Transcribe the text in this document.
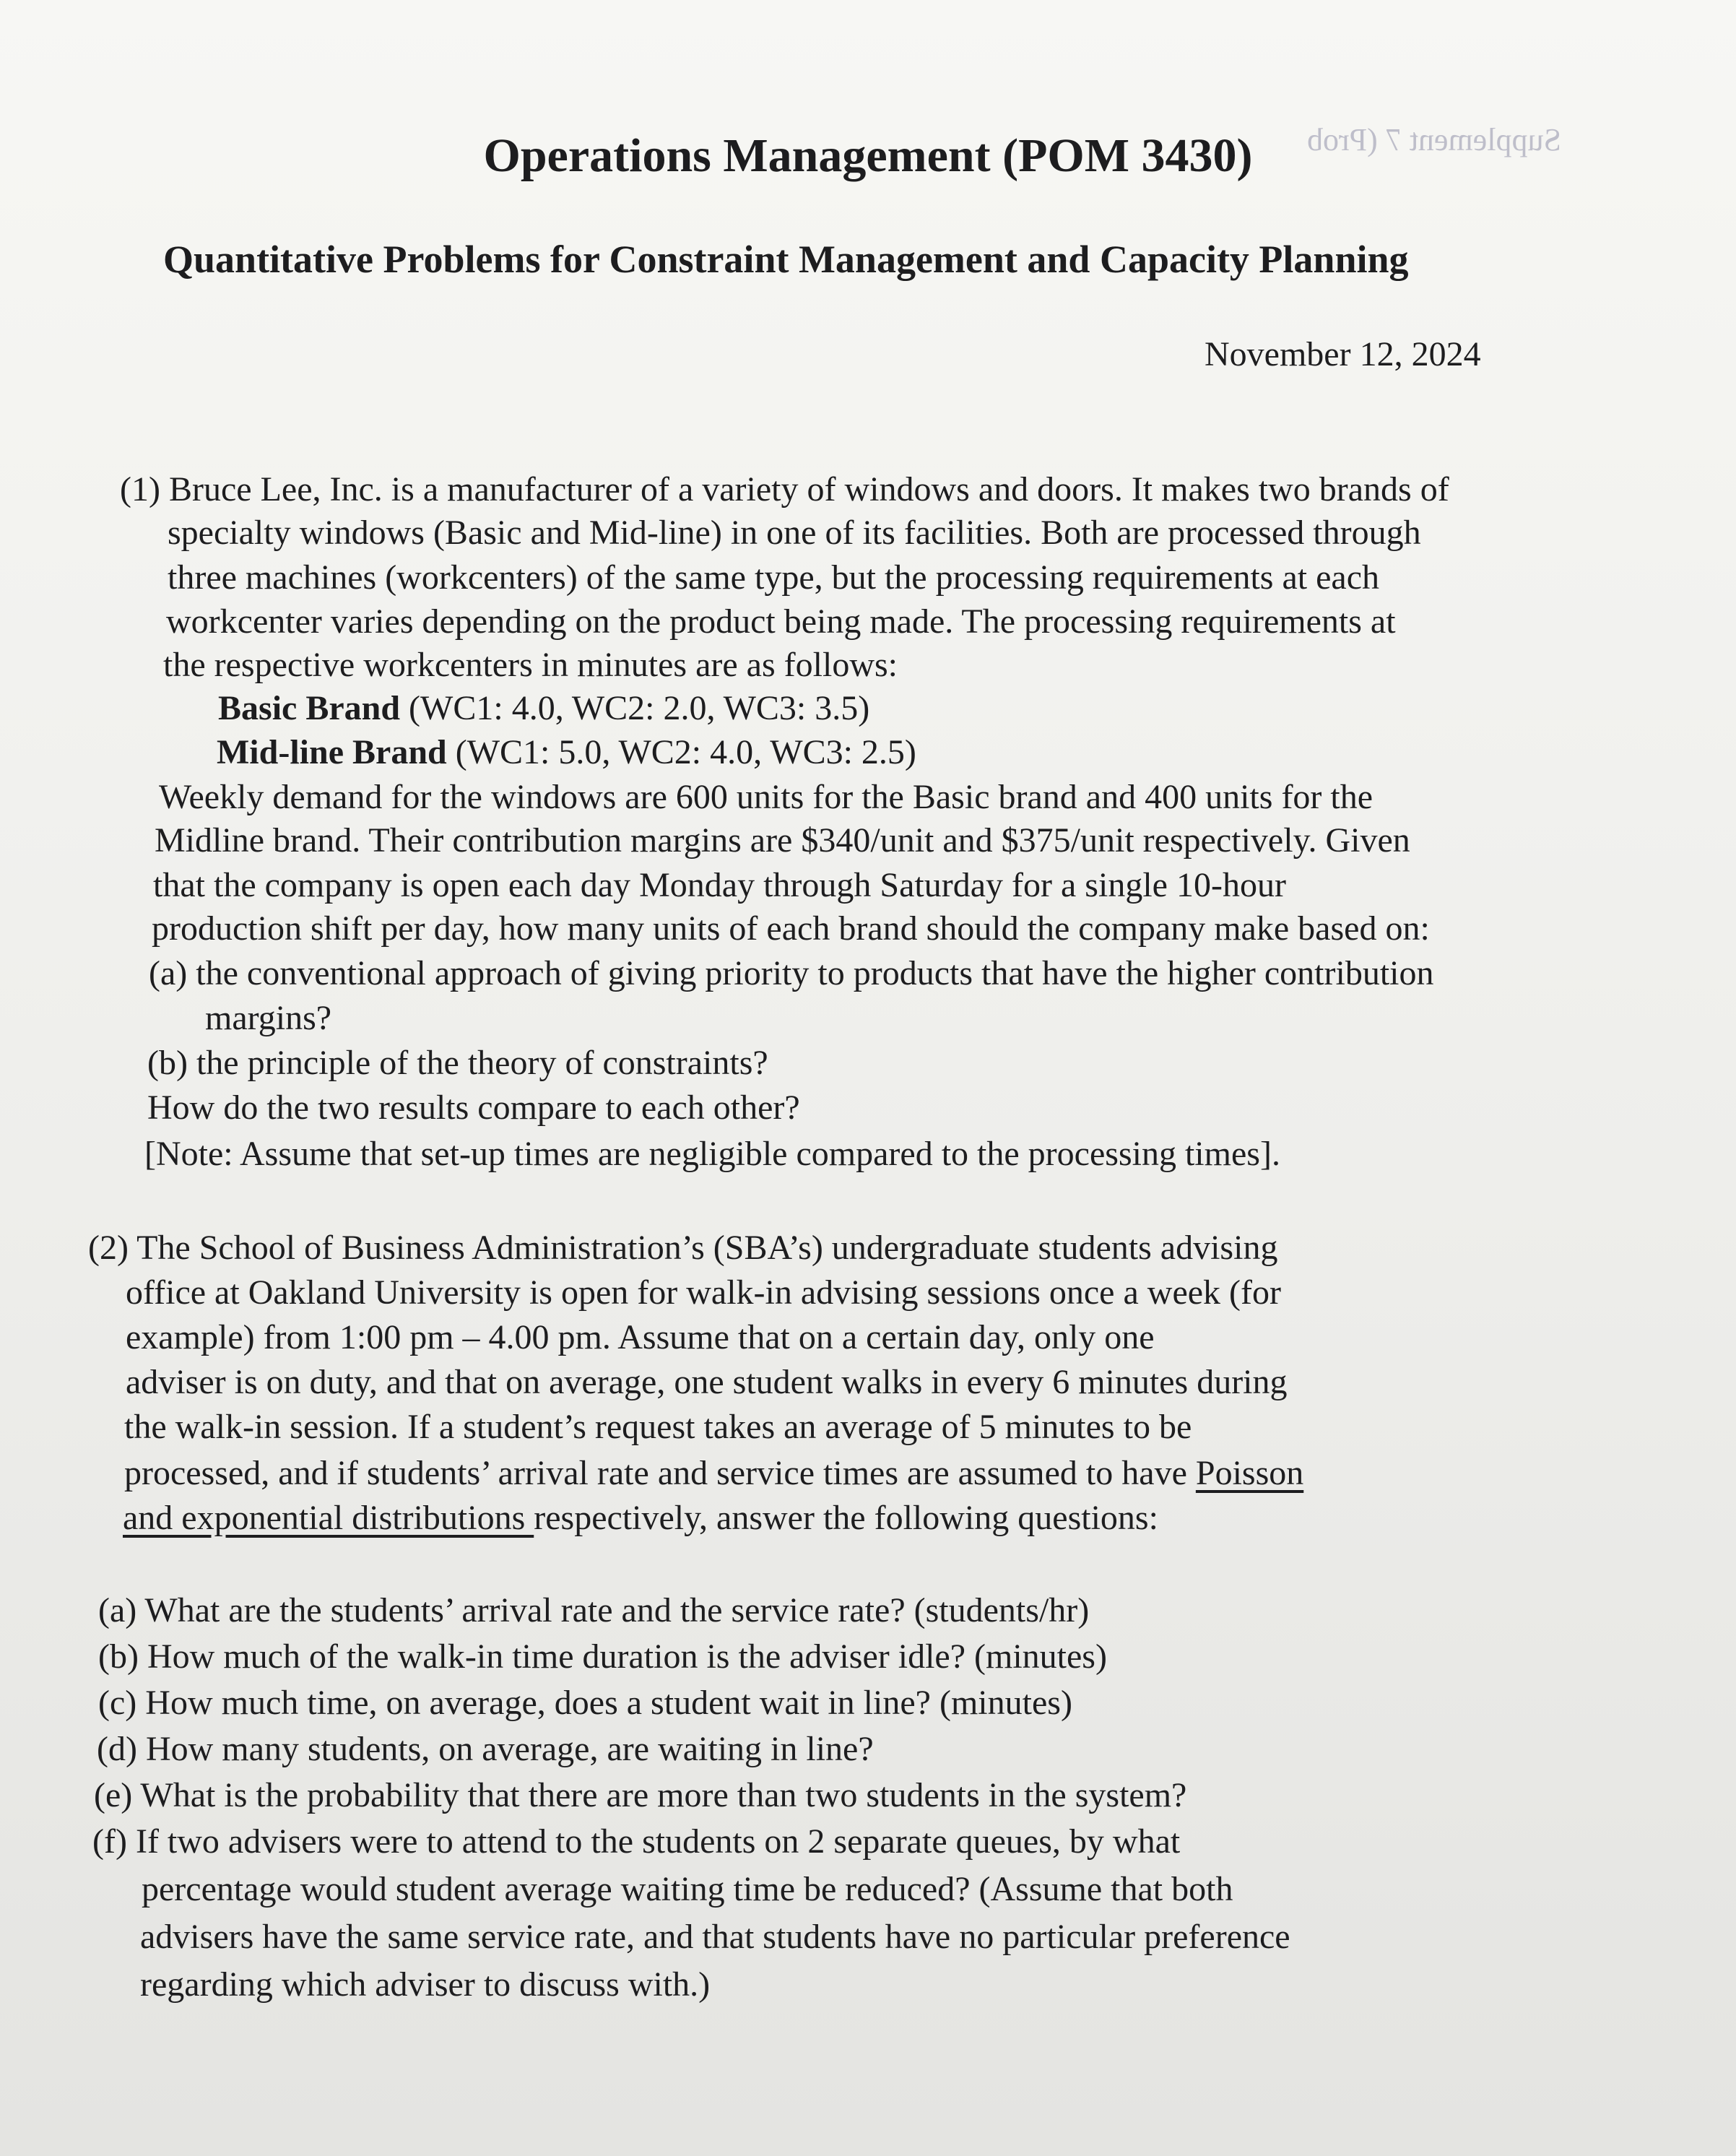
Supplement 7 (Prob
Operations Management (POM 3430)
Quantitative Problems for Constraint Management and Capacity Planning
November 12, 2024
(1) Bruce Lee, Inc. is a manufacturer of a variety of windows and doors. It makes two brands of
specialty windows (Basic and Mid-line) in one of its facilities. Both are processed through
three machines (workcenters) of the same type, but the processing requirements at each
workcenter varies depending on the product being made. The processing requirements at
the respective workcenters in minutes are as follows:
Basic Brand (WC1: 4.0, WC2: 2.0, WC3: 3.5)
Mid-line Brand (WC1: 5.0, WC2: 4.0, WC3: 2.5)
Weekly demand for the windows are 600 units for the Basic brand and 400 units for the
Midline brand. Their contribution margins are $340/unit and $375/unit respectively. Given
that the company is open each day Monday through Saturday for a single 10-hour
production shift per day, how many units of each brand should the company make based on:
(a) the conventional approach of giving priority to products that have the higher contribution
margins?
(b) the principle of the theory of constraints?
How do the two results compare to each other?
[Note: Assume that set-up times are negligible compared to the processing times].
(2) The School of Business Administration’s (SBA’s) undergraduate students advising
office at Oakland University is open for walk-in advising sessions once a week (for
example) from 1:00 pm – 4.00 pm. Assume that on a certain day, only one
adviser is on duty, and that on average, one student walks in every 6 minutes during
the walk-in session. If a student’s request takes an average of 5 minutes to be
processed, and if students’ arrival rate and service times are assumed to have Poisson
and exponential distributions respectively, answer the following questions:
(a) What are the students’ arrival rate and the service rate? (students/hr)
(b) How much of the walk-in time duration is the adviser idle? (minutes)
(c) How much time, on average, does a student wait in line? (minutes)
(d) How many students, on average, are waiting in line?
(e) What is the probability that there are more than two students in the system?
(f) If two advisers were to attend to the students on 2 separate queues, by what
percentage would student average waiting time be reduced? (Assume that both
advisers have the same service rate, and that students have no particular preference
regarding which adviser to discuss with.)
